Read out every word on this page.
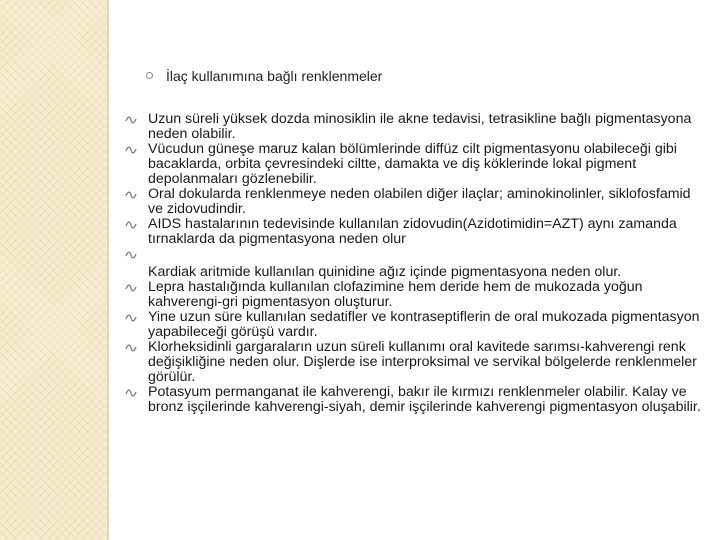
İlaç kullanımına bağlı renklenmeler
Uzun süreli yüksek dozda minosiklin ile akne tedavisi, tetrasikline bağlı pigmentasyona neden olabilir.
Vücudun güneşe maruz kalan bölümlerinde diffüz cilt pigmentasyonu olabileceği gibi bacaklarda, orbita çevresindeki ciltte, damakta ve diş köklerinde lokal pigment depolanmaları gözlenebilir.
Oral dokularda renklenmeye neden olabilen diğer ilaçlar; aminokinolinler, siklofosfamid ve zidovudindir.
AIDS hastalarının tedevisinde kullanılan zidovudin(Azidotimidin=AZT) aynı zamanda tırnaklarda da pigmentasyona neden olur
Kardiak aritmide kullanılan quinidine ağız içinde pigmentasyona neden olur.
Lepra hastalığında kullanılan clofazimine hem deride hem de mukozada yoğun kahverengi-gri pigmentasyon oluşturur.
Yine uzun süre kullanılan sedatifler ve kontraseptiflerin de oral mukozada pigmentasyon yapabileceği görüşü vardır.
Klorheksidinli gargaraların uzun süreli kullanımı oral kavitede sarımsı-kahverengi renk değişikliğine neden olur. Dişlerde ise interproksimal ve servikal bölgelerde renklenmeler görülür.
Potasyum permanganat ile kahverengi, bakır ile kırmızı renklenmeler olabilir. Kalay ve bronz işçilerinde kahverengi-siyah, demir işçilerinde kahverengi pigmentasyon oluşabilir.
